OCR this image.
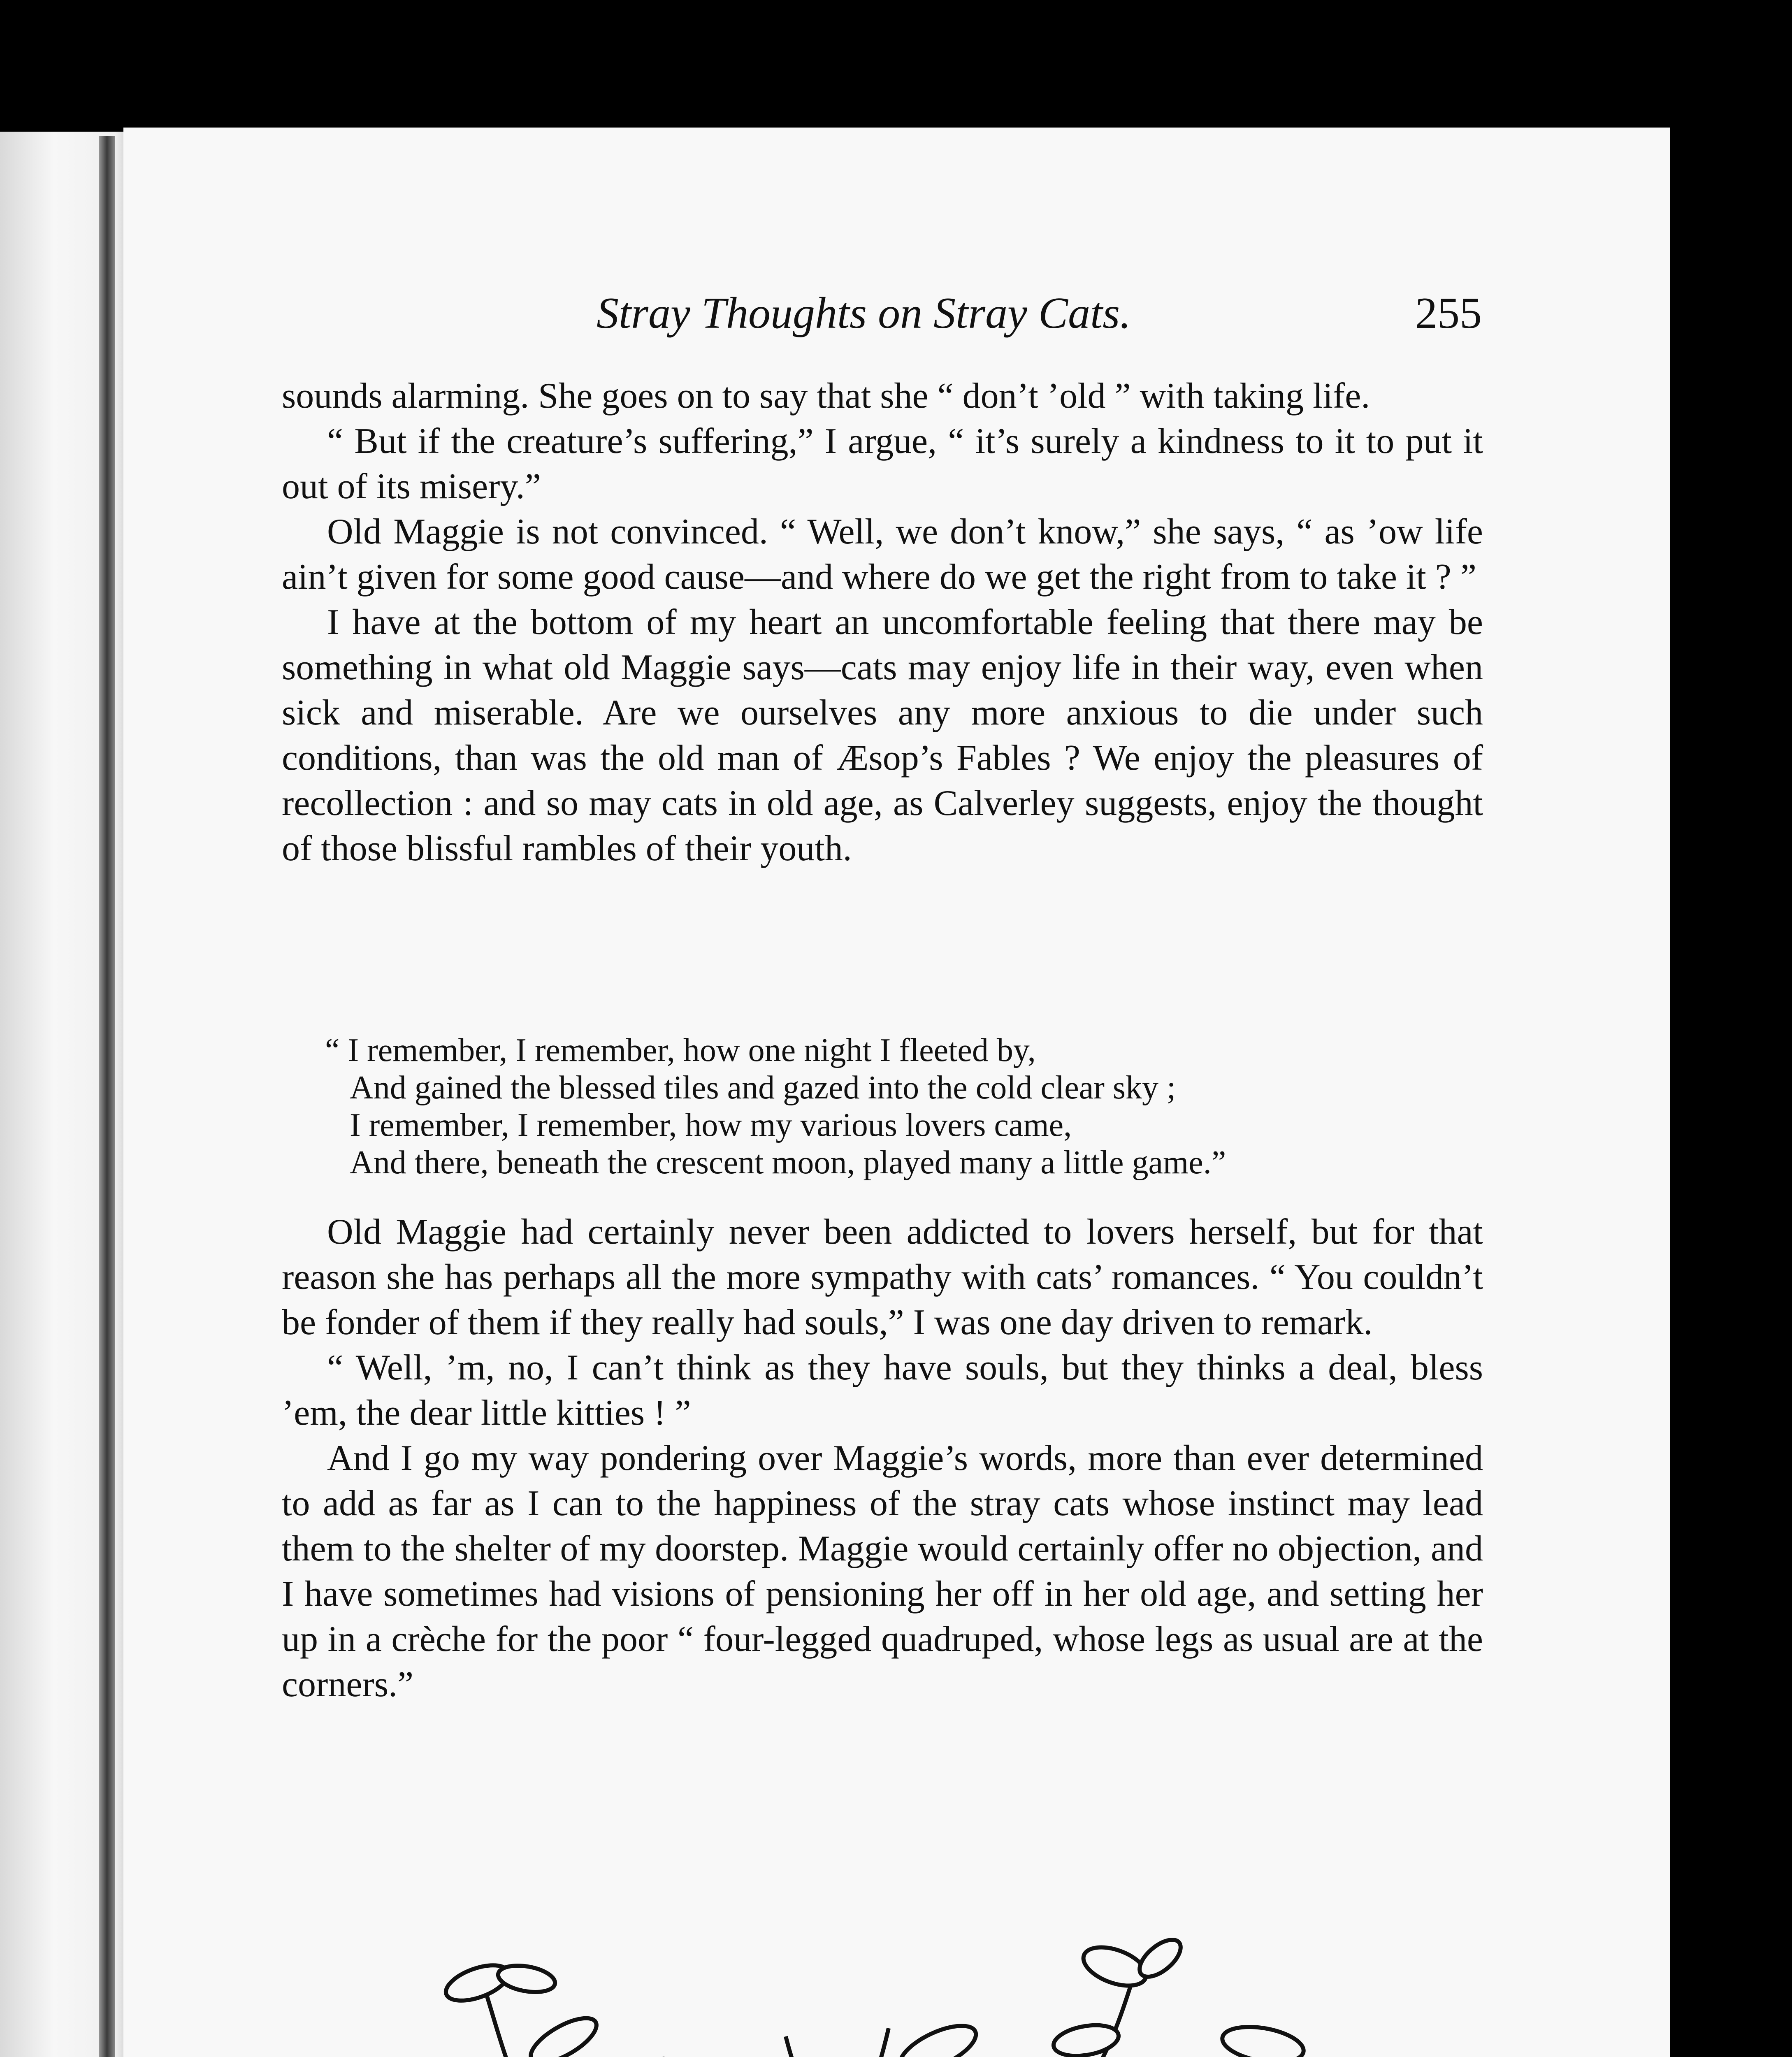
Stray Thoughts on Stray Cats.	255

sounds alarming. She goes on to say that she “ don’t ’old ” with taking life.

“ But if the creature’s suffering,” I argue, “ it’s surely a kindness to it to put it out of its misery.”

Old Maggie is not convinced. “ Well, we don’t know,” she says, “ as ’ow life ain’t given for some good cause—and where do we get the right from to take it ? ”

I have at the bottom of my heart an uncomfortable feeling that there may be something in what old Maggie says—cats may enjoy life in their way, even when sick and miserable. Are we ourselves any more anxious to die under such conditions, than was the old man of Æsop’s Fables ? We enjoy the pleasures of recollection : and so may cats in old age, as Calverley suggests, enjoy the thought of those blissful rambles of their youth.

“ I remember, I remember, how one night I fleeted by,
And gained the blessed tiles and gazed into the cold clear sky ;
I remember, I remember, how my various lovers came,
And there, beneath the crescent moon, played many a little game.”

Old Maggie had certainly never been addicted to lovers herself, but for that reason she has perhaps all the more sympathy with cats’ romances. “ You couldn’t be fonder of them if they really had souls,” I was one day driven to remark.

“ Well, ’m, no, I can’t think as they have souls, but they thinks a deal, bless ’em, the dear little kitties ! ”

And I go my way pondering over Maggie’s words, more than ever determined to add as far as I can to the happiness of the stray cats whose instinct may lead them to the shelter of my doorstep. Maggie would certainly offer no objection, and I have sometimes had visions of pensioning her off in her old age, and setting her up in a crèche for the poor “ four-legged quadruped, whose legs as usual are at the corners.”
